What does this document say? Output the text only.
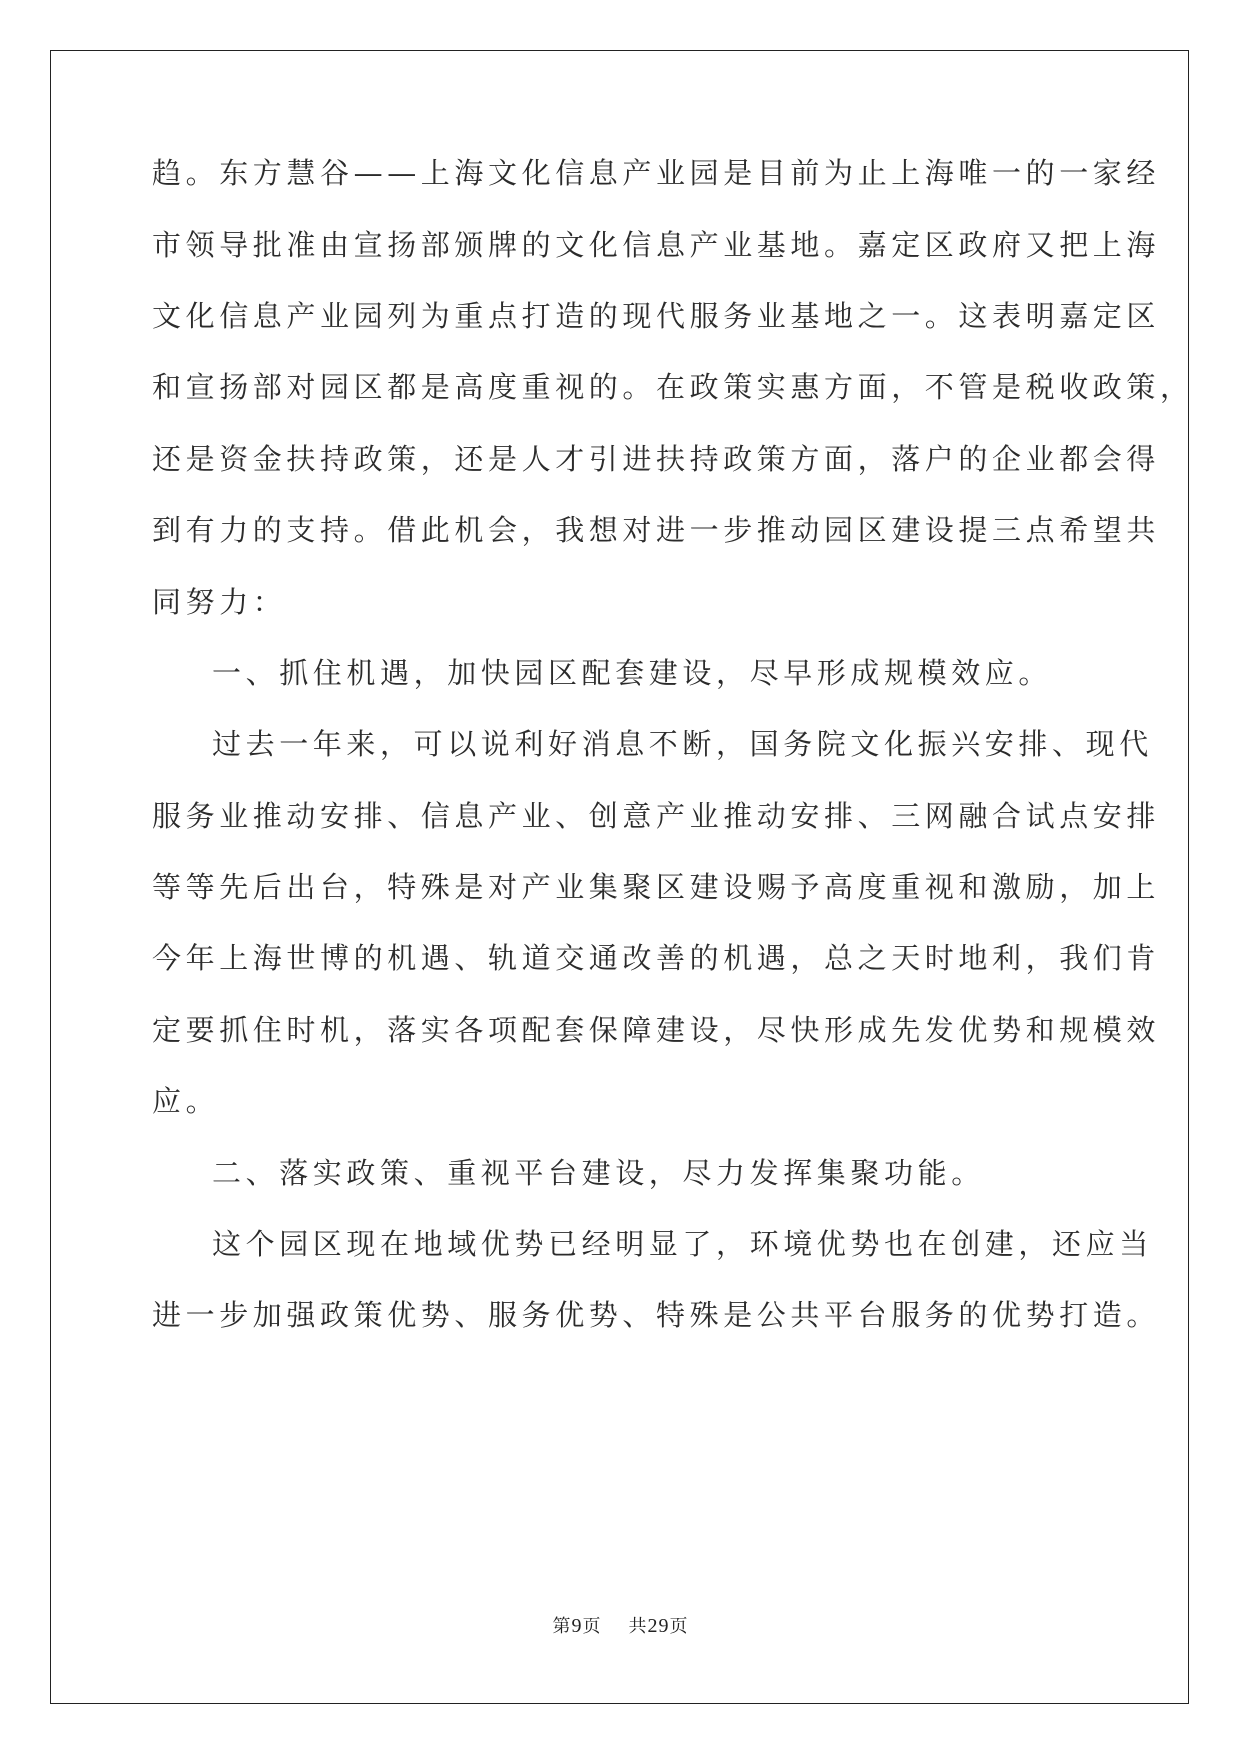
趋。东方慧谷——上海文化信息产业园是目前为止上海唯一的一家经
市领导批准由宣扬部颁牌的文化信息产业基地。嘉定区政府又把上海
文化信息产业园列为重点打造的现代服务业基地之一。这表明嘉定区
和宣扬部对园区都是高度重视的。在政策实惠方面，不管是税收政策，
还是资金扶持政策，还是人才引进扶持政策方面，落户的企业都会得
到有力的支持。借此机会，我想对进一步推动园区建设提三点希望共
同努力：
一、抓住机遇，加快园区配套建设，尽早形成规模效应。
过去一年来，可以说利好消息不断，国务院文化振兴安排、现代
服务业推动安排、信息产业、创意产业推动安排、三网融合试点安排
等等先后出台，特殊是对产业集聚区建设赐予高度重视和激励，加上
今年上海世博的机遇、轨道交通改善的机遇，总之天时地利，我们肯
定要抓住时机，落实各项配套保障建设，尽快形成先发优势和规模效
应。
二、落实政策、重视平台建设，尽力发挥集聚功能。
这个园区现在地域优势已经明显了，环境优势也在创建，还应当
进一步加强政策优势、服务优势、特殊是公共平台服务的优势打造。
第9页 共29页
